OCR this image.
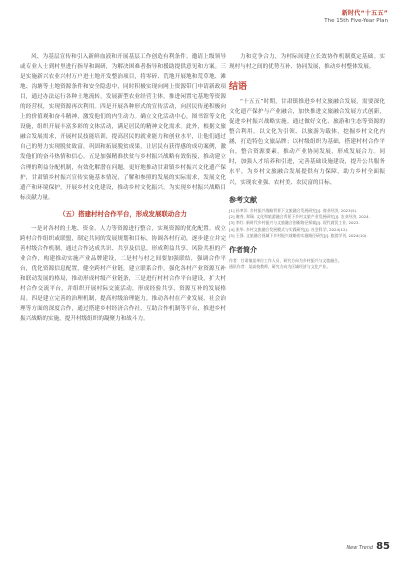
新时代“十五五”
The 15th Five-Year Plan

风、为基层宣传和引入新鲜血液和开展基层工作创造有利条件。邀请上级领导或专业人士到村里进行指导和调研，为解决困难者指导和援助提供意见和方案。三是实施新兴农业兴村万户进士地开发整治项目，将零碎、荒地开展地和荒草地、滩地、沟塘等土地资源条件和安全隐患中，同时积极实现向网上资源带门申请新政项目，通过办法运行各种土地流转，发展新型农业经营主体，推进闲置宅基地等资源的经营权，实现资源再次利用。四是开展各种形式的宣传活动，向居民传递积极向上的价值观和奋斗精神，激发他们的内生动力。确立文化活动中心，图书馆等文化设施，组织开展丰富多彩的文体活动，满足居民的精神文化需求。此外，根据文旅融合发展需求，开展村民技能培训，提高居民的就业能力和创业水平，让他们通过自己的努力实现脱贫致富，巩固和拓展脱贫成果，让居民有获得感的成功案例，激发他们的奋斗热情和信心。五是加强精准扶贫与乡村振兴战略有效衔接，推动建立合理的利益分配机制，有效化解潜在问题，更好地推动甘肃镇乡村振兴文化遗产保护，甘肃镇乡村振兴宣传实施基本情况，了解和参照的发展的实际需求，发展文化遗产和环境保护，开展乡村文化建设，推动乡村文化振兴，为实现乡村振兴战略目标贡献力量。

（五）搭建村村合作平台，形成发展联动合力

一是对各村的土地、资金、人力等资源进行整合，实现资源的优化配置。成立跨村合作组织或联盟，制定共同的发展规划和目标，协调各村行动，逐步建立并完善村级合作机制，通过合作达成共识、共享及信息，形成利益共享、风险共担的产业合作，构建推动实施产业品牌建设，二是村与村之间要加强联结，强调合作平台，优化资源信息配置，健全跨村产业链，建立联系合作，强化各村产业资源互补和联动发展的格局，推动形成村级产业链条，三是进行村村合作平台建设，扩大村村合作交流平台，并组织开展村际交流活动，形成经验共享、资源互补的发展格局。四是建立完善的治理机制，提高村级治理能力，推动各村在产业发展、社会治理等方面的深度合作，通过搭建乡村经济合作社、互助合作机制等平台，推进乡村振兴战略的实施，提升村级组织的凝聚力和战斗力。

力和竞争合力，为村际间建立长效协作机制奠定基础。实现村与村之间的优势互补、协同发展，推动乡村整体发展。

结语

“十五五”时期，甘肃镇推进乡村文旅融合发展，需要深化文化遗产保护与产业融合，加快推进文旅融合发展方式创新，促进乡村振兴战略实施。通过做好文化、旅游和生态等资源的整合利用，以文化为引领、以旅游为载体，挖掘乡村文化内涵，打造特色文旅品牌；以村级组织为基础，搭建村村合作平台，整合资源要素，推动产业协同发展，形成发展合力。同时，加强人才培养和引进，完善基础设施建设，提升公共服务水平，为乡村文旅融合发展提供有力保障，助力乡村全面振兴，实现农业强、农村美、农民富的目标。

参考文献

[1] 孙聿洋. 乡村振兴战略背景下文旅融合发展研究[J]. 商业经济, 2023(5).

[2] 谢秀, 郑瑞. 文化和旅游融合背景下乡村文旅产业发展研究[J]. 农业经济, 2024.

[3] 李红. 新时代乡村振兴与文旅融合创新路径探索[J]. 现代商贸工业, 2023.

[4] 张华. 乡村文旅融合发展模式与实践研究[J]. 社会科学, 2024(12).

[5] 王强. 文旅融合视域下乡村振兴战略的实施路径研究[J]. 旅游学刊, 2024(10).

作者简介

作者：甘肃镇某单位工作人员，研究方向为乡村振兴与文旅融合。

通讯作者：某高校教师，研究方向为区域经济与文化产业。

New Trend 85
